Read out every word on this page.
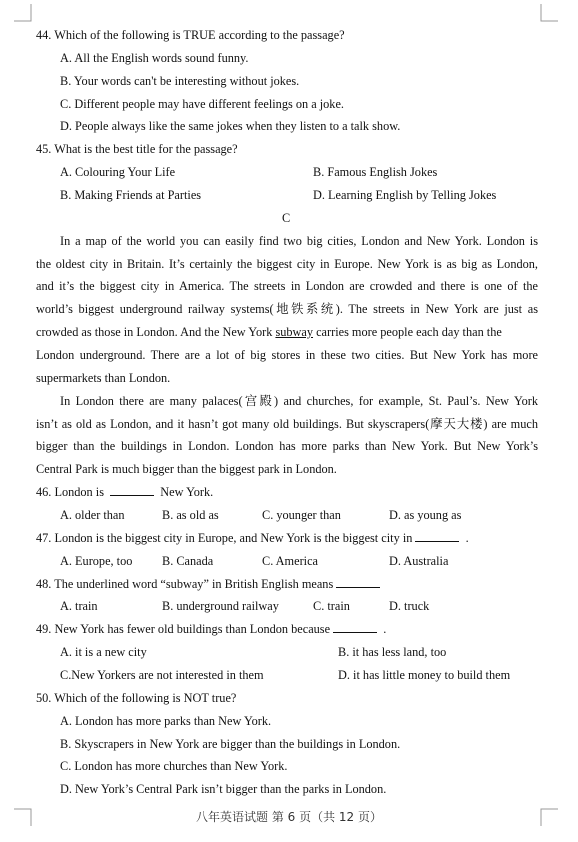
44. Which of the following is TRUE according to the passage?
A. All the English words sound funny.
B. Your words can't be interesting without jokes.
C. Different people may have different feelings on a joke.
D. People always like the same jokes when they listen to a talk show.
45. What is the best title for the passage?
A. Colouring Your Life	B. Famous English Jokes
B. Making Friends at Parties	D. Learning English by Telling Jokes
C
In a map of the world you can easily find two big cities, London and New York. London is
the oldest city in Britain. It’s certainly the biggest city in Europe. New York is as big as London,
and it’s the biggest city in America. The streets in London are crowded and there is one of the
world’s biggest underground railway systems(地铁系统). The streets in New York are just as
crowded as those in London. And the New York subway carries more people each day than the
London underground. There are a lot of big stores in these two cities. But New York has more
supermarkets than London.
In London there are many palaces(宫殿) and churches, for example, St. Paul’s. New York
isn’t as old as London, and it hasn’t got many old buildings. But skyscrapers(摩天大楼) are much
bigger than the buildings in London. London has more parks than New York. But New York’s
Central Park is much bigger than the biggest park in London.
46. London is	New York.
A. older than	B. as old as	C. younger than	D. as young as
47. London is the biggest city in Europe, and New York is the biggest city in	.
A. Europe, too B. Canada	C. America	D. Australia
48. The underlined word “subway” in British English means
A. train	B. underground railway	C. train	D. truck
49. New York has fewer old buildings than London because	.
A. it is a new city	B. it has less land, too
C.New Yorkers are not interested in them	D. it has little money to build them
50. Which of the following is NOT true?
A. London has more parks than New York.
B. Skyscrapers in New York are bigger than the buildings in London.
C. London has more churches than New York.
D. New York’s Central Park isn’t bigger than the parks in London.
八年英语试题 第 6 页（共 12 页）
